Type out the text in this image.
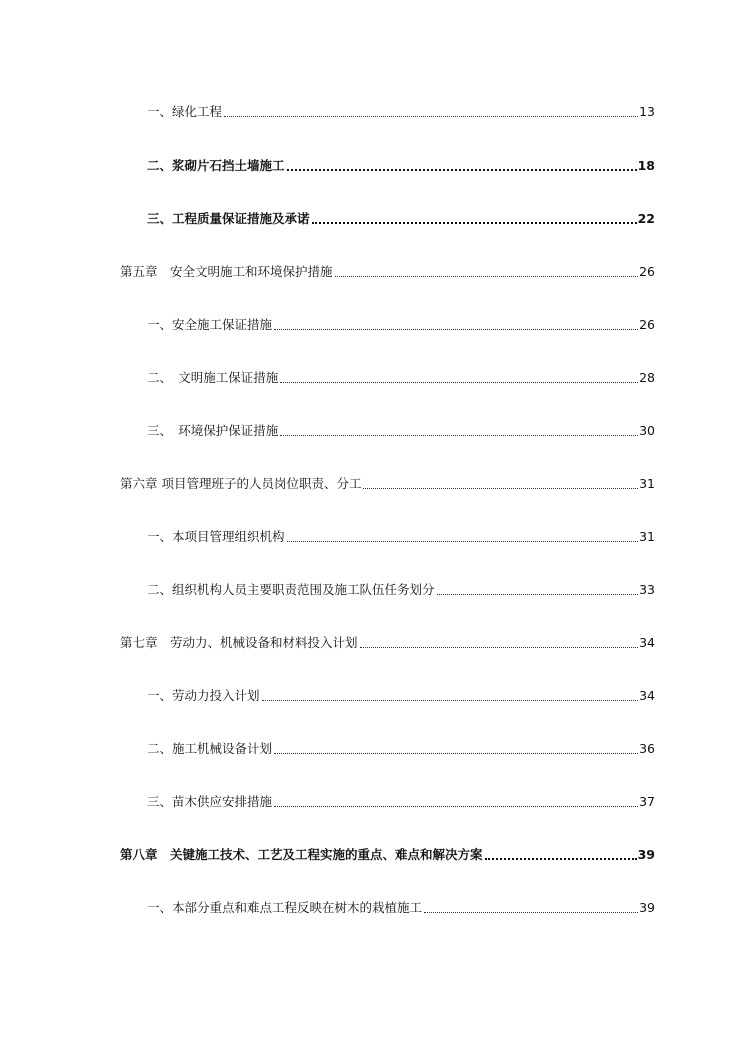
一、绿化工程	13
二、浆砌片石挡土墙施工	18
三、工程质量保证措施及承诺	22
第五章　安全文明施工和环境保护措施	26
一、安全施工保证措施	26
二、　文明施工保证措施	28
三、　环境保护保证措施	30
第六章 项目管理班子的人员岗位职责、分工	31
一、本项目管理组织机构	31
二、组织机构人员主要职责范围及施工队伍任务划分	33
第七章　劳动力、机械设备和材料投入计划	34
一、劳动力投入计划	34
二、施工机械设备计划	36
三、苗木供应安排措施	37
第八章　关键施工技术、工艺及工程实施的重点、难点和解决方案	39
一、本部分重点和难点工程反映在树木的栽植施工	39
